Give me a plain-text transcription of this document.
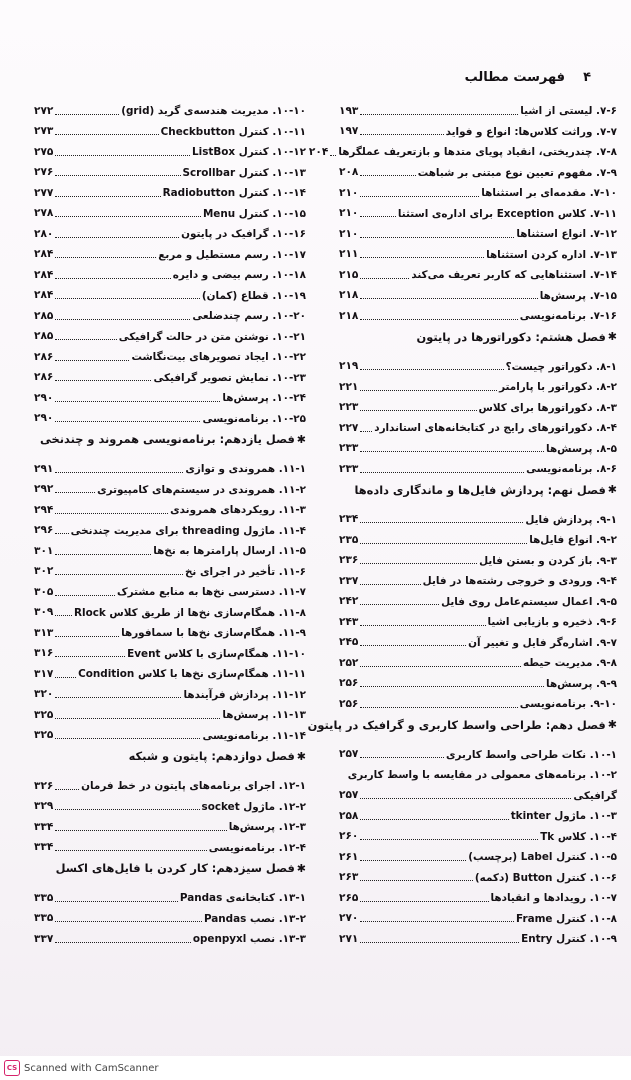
۴
فهرست مطالب
۷-۶. لیستی از اشیا
۱۹۳
۷-۷. وراثت کلاس‌ها: انواع و فواید
۱۹۷
۷-۸. چندریختی، انقیاد پویای متدها و بازتعریف عملگرها
۲۰۴
۷-۹. مفهوم تعیین نوع مبتنی بر شباهت
۲۰۸
۷-۱۰. مقدمه‌ای بر استثناها
۲۱۰
۷-۱۱. کلاس Exception برای اداره‌ی استثنا
۲۱۰
۷-۱۲. انواع استثناها
۲۱۰
۷-۱۳. اداره کردن استثناها
۲۱۱
۷-۱۴. استثناهایی که کاربر تعریف می‌کند
۲۱۵
۷-۱۵. پرسش‌ها
۲۱۸
۷-۱۶. برنامه‌نویسی
۲۱۸
✱
فصل هشتم: دکوراتورها در پایتون
۸-۱. دکوراتور چیست؟
۲۱۹
۸-۲. دکوراتور با پارامتر
۲۲۱
۸-۳. دکوراتورها برای کلاس
۲۲۳
۸-۴. دکوراتورهای رایج در کتابخانه‌های استاندارد
۲۲۷
۸-۵. پرسش‌ها
۲۳۳
۸-۶. برنامه‌نویسی
۲۳۳
✱
فصل نهم: پردازش فایل‌ها و ماندگاری داده‌ها
۹-۱. پردازش فایل
۲۳۴
۹-۲. انواع فایل‌ها
۲۳۵
۹-۳. باز کردن و بستن فایل
۲۳۶
۹-۴. ورودی و خروجی رشته‌ها در فایل
۲۳۷
۹-۵. اعمال سیستم‌عامل روی فایل
۲۴۲
۹-۶. ذخیره و بازیابی اشیا
۲۴۳
۹-۷. اشاره‌گر فایل و تغییر آن
۲۴۵
۹-۸. مدیریت حیطه
۲۵۲
۹-۹. پرسش‌ها
۲۵۶
۹-۱۰. برنامه‌نویسی
۲۵۶
✱
فصل دهم: طراحی واسط کاربری و گرافیک در پایتون
۱۰-۱. نکات طراحی واسط کاربری
۲۵۷
۱۰-۲. برنامه‌های معمولی در مقایسه با واسط کاربری
گرافیکی
۲۵۷
۱۰-۳. ماژول tkinter
۲۵۸
۱۰-۴. کلاس Tk
۲۶۰
۱۰-۵. کنترل Label (برچسب)
۲۶۱
۱۰-۶. کنترل Button (دکمه)
۲۶۳
۱۰-۷. رویدادها و انقیادها
۲۶۵
۱۰-۸. کنترل Frame
۲۷۰
۱۰-۹. کنترل Entry
۲۷۱
۱۰-۱۰. مدیریت هندسه‌ی گرید (grid)
۲۷۲
۱۰-۱۱. کنترل Checkbutton
۲۷۳
۱۰-۱۲. کنترل ListBox
۲۷۵
۱۰-۱۳. کنترل Scrollbar
۲۷۶
۱۰-۱۴. کنترل Radiobutton
۲۷۷
۱۰-۱۵. کنترل Menu
۲۷۸
۱۰-۱۶. گرافیک در پایتون
۲۸۰
۱۰-۱۷. رسم مستطیل و مربع
۲۸۴
۱۰-۱۸. رسم بیضی و دایره
۲۸۴
۱۰-۱۹. قطاع (کمان)
۲۸۴
۱۰-۲۰. رسم چندضلعی
۲۸۵
۱۰-۲۱. نوشتن متن در حالت گرافیکی
۲۸۵
۱۰-۲۲. ایجاد تصویرهای بیت‌نگاشت
۲۸۶
۱۰-۲۳. نمایش تصویر گرافیکی
۲۸۶
۱۰-۲۴. پرسش‌ها
۲۹۰
۱۰-۲۵. برنامه‌نویسی
۲۹۰
✱
فصل یازدهم: برنامه‌نویسی همروند و چندنخی
۱۱-۱. همروندی و توازی
۲۹۱
۱۱-۲. همروندی در سیستم‌های کامپیوتری
۲۹۲
۱۱-۳. رویکردهای همروندی
۲۹۴
۱۱-۴. ماژول threading برای مدیریت چندنخی
۲۹۶
۱۱-۵. ارسال پارامترها به نخ‌ها
۳۰۱
۱۱-۶. تأخیر در اجرای نخ
۳۰۲
۱۱-۷. دسترسی نخ‌ها به منابع مشترک
۳۰۵
۱۱-۸. همگام‌سازی نخ‌ها از طریق کلاس Rlock
۳۰۹
۱۱-۹. همگام‌سازی نخ‌ها با سمافورها
۳۱۳
۱۱-۱۰. همگام‌سازی با کلاس Event
۳۱۶
۱۱-۱۱. همگام‌سازی نخ‌ها با کلاس Condition
۳۱۷
۱۱-۱۲. پردازش فرآیندها
۳۲۰
۱۱-۱۳. پرسش‌ها
۳۲۵
۱۱-۱۴. برنامه‌نویسی
۳۲۵
✱
فصل دوازدهم: پایتون و شبکه
۱۲-۱. اجرای برنامه‌های پایتون در خط فرمان
۳۲۶
۱۲-۲. ماژول socket
۳۲۹
۱۲-۳. پرسش‌ها
۳۳۴
۱۲-۴. برنامه‌نویسی
۳۳۴
✱
فصل سیزدهم: کار کردن با فایل‌های اکسل
۱۳-۱. کتابخانه‌ی Pandas
۳۳۵
۱۳-۲. نصب Pandas
۳۳۵
۱۳-۳. نصب openpyxl
۳۳۷
CS Scanned with CamScanner
